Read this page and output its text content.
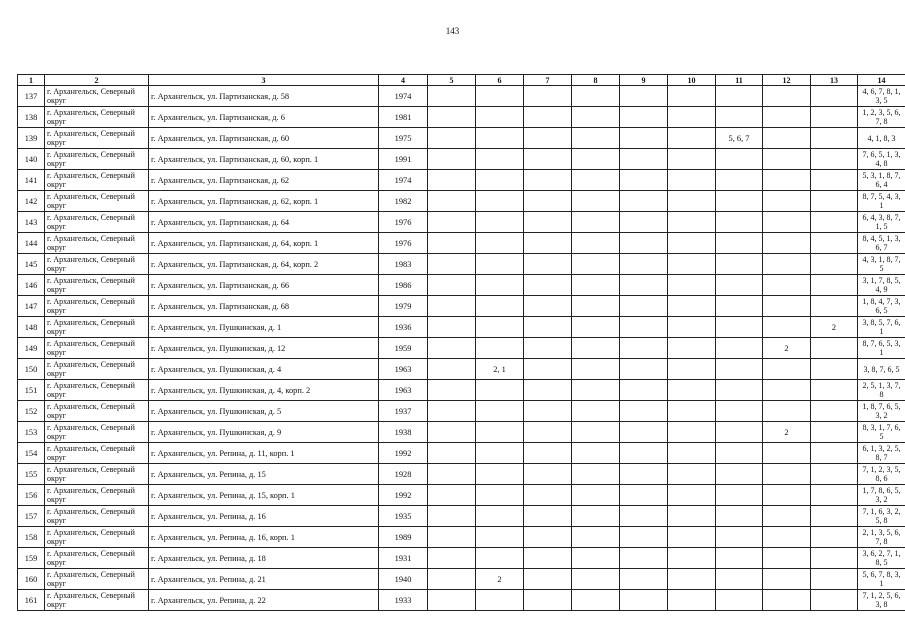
143
1	2	3	4	5	6	7	8	9	10	11	12	13	14
137	г. Архангельск, Северный округ	г. Архангельск, ул. Партизанская, д. 58	1974										4, 6, 7, 8, 1, 3, 5
138	г. Архангельск, Северный округ	г. Архангельск, ул. Партизанская, д. 6	1981										1, 2, 3, 5, 6, 7, 8
139	г. Архангельск, Северный округ	г. Архангельск, ул. Партизанская, д. 60	1975							5, 6, 7			4, 1, 8, 3
140	г. Архангельск, Северный округ	г. Архангельск, ул. Партизанская, д. 60, корп. 1	1991										7, 6, 5, 1, 3, 4, 8
141	г. Архангельск, Северный округ	г. Архангельск, ул. Партизанская, д. 62	1974										5, 3, 1, 8, 7, 6, 4
142	г. Архангельск, Северный округ	г. Архангельск, ул. Партизанская, д. 62, корп. 1	1982										8, 7, 5, 4, 3, 1
143	г. Архангельск, Северный округ	г. Архангельск, ул. Партизанская, д. 64	1976										6, 4, 3, 8, 7, 1, 5
144	г. Архангельск, Северный округ	г. Архангельск, ул. Партизанская, д. 64, корп. 1	1976										8, 4, 5, 1, 3, 6, 7
145	г. Архангельск, Северный округ	г. Архангельск, ул. Партизанская, д. 64, корп. 2	1983										4, 3, 1, 8, 7, 5
146	г. Архангельск, Северный округ	г. Архангельск, ул. Партизанская, д. 66	1986										3, 1, 7, 8, 5, 4, 9
147	г. Архангельск, Северный округ	г. Архангельск, ул. Партизанская, д. 68	1979										1, 8, 4, 7, 3, 6, 5
148	г. Архангельск, Северный округ	г. Архангельск, ул. Пушкинская, д. 1	1936									2	3, 8, 5, 7, 6, 1
149	г. Архангельск, Северный округ	г. Архангельск, ул. Пушкинская, д. 12	1959								2		8, 7, 6, 5, 3, 1
150	г. Архангельск, Северный округ	г. Архангельск, ул. Пушкинская, д. 4	1963		2, 1								3, 8, 7, 6, 5
151	г. Архангельск, Северный округ	г. Архангельск, ул. Пушкинская, д. 4, корп. 2	1963										2, 5, 1, 3, 7, 8
152	г. Архангельск, Северный округ	г. Архангельск, ул. Пушкинская, д. 5	1937										1, 8, 7, 6, 5, 3, 2
153	г. Архангельск, Северный округ	г. Архангельск, ул. Пушкинская, д. 9	1938								2		8, 3, 1, 7, 6, 5
154	г. Архангельск, Северный округ	г. Архангельск, ул. Репина, д. 11, корп. 1	1992										6, 1, 3, 2, 5, 8, 7
155	г. Архангельск, Северный округ	г. Архангельск, ул. Репина, д. 15	1928										7, 1, 2, 3, 5, 8, 6
156	г. Архангельск, Северный округ	г. Архангельск, ул. Репина, д. 15, корп. 1	1992										1, 7, 8, 6, 5, 3, 2
157	г. Архангельск, Северный округ	г. Архангельск, ул. Репина, д. 16	1935										7, 1, 6, 3, 2, 5, 8
158	г. Архангельск, Северный округ	г. Архангельск, ул. Репина, д. 16, корп. 1	1989										2, 1, 3, 5, 6, 7, 8
159	г. Архангельск, Северный округ	г. Архангельск, ул. Репина, д. 18	1931										3, 6, 2, 7, 1, 8, 5
160	г. Архангельск, Северный округ	г. Архангельск, ул. Репина, д. 21	1940		2								5, 6, 7, 8, 3, 1
161	г. Архангельск, Северный округ	г. Архангельск, ул. Репина, д. 22	1933										7, 1, 2, 5, 6, 3, 8
